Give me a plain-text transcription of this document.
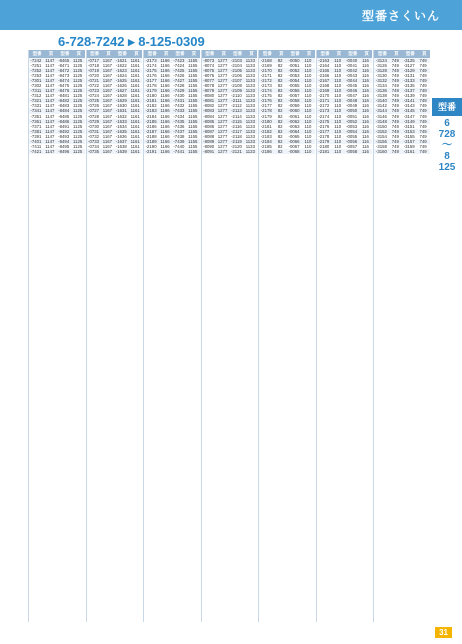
型番さくいん
6-728-7242 ▸ 8-125-0309
型番 頁 型番 頁
-7242 1147 -8465 1125
-7251 1147 -8471 1125
-7252 1147 -8472 1125
-7253 1147 -8473 1125
-7301 1147 -8474 1125
-7302 1147 -8475 1125
-7311 1147 -8476 1125
-7312 1147 -8481 1125
-7321 1147 -8482 1125
-7331 1147 -8483 1125
-7341 1147 -8484 1125
-7351 1147 -8485 1125
-7361 1147 -8486 1125
-7371 1147 -8491 1125
-7381 1147 -8492 1125
-7391 1147 -8493 1125
-7401 1147 -8494 1125
-7411 1147 -8495 1125
-7421 1147 -8496 1125
型番 頁 型番 頁
-0717 1167 -1621 1161
-0718 1167 -1622 1161
-0719 1167 -1623 1161
-0720 1167 -1624 1161
-0721 1167 -1625 1161
-0722 1167 -1626 1161
-0723 1167 -1627 1161
-0724 1167 -1628 1161
-0725 1167 -1629 1161
-0726 1167 -1630 1161
-0727 1167 -1631 1161
-0728 1167 -1632 1161
-0729 1167 -1633 1161
-0730 1167 -1634 1161
-0731 1167 -1635 1161
-0732 1167 -1636 1161
-0733 1167 -1637 1161
-0734 1167 -1638 1161
-0735 1167 -1639 1161
型番 頁 型番 頁
-2173 1166 -7423 1155
-2174 1166 -7424 1155
-2175 1166 -7425 1155
-2176 1166 -7426 1155
-2177 1166 -7427 1155
-2178 1166 -7428 1155
-2179 1166 -7429 1155
-2180 1166 -7430 1155
-2181 1166 -7431 1155
-2182 1166 -7432 1155
-2183 1166 -7433 1155
-2184 1166 -7434 1155
-2185 1166 -7435 1155
-2186 1166 -7436 1155
-2187 1166 -7437 1155
-2188 1166 -7438 1155
-2189 1166 -7439 1155
-2190 1166 -7440 1155
-2191 1166 -7441 1155
型番 頁 型番 頁
-8073 1277 -2103 1133
-8074 1277 -2104 1133
-8075 1277 -2105 1133
-8076 1277 -2106 1133
-8077 1277 -2107 1133
-8078 1277 -2108 1133
-8079 1277 -2109 1133
-8080 1277 -2110 1133
-8081 1277 -2111 1133
-8082 1277 -2112 1133
-8083 1277 -2113 1133
-8084 1277 -2114 1133
-8085 1277 -2115 1133
-8086 1277 -2116 1133
-8087 1277 -2117 1133
-8088 1277 -2118 1133
-8089 1277 -2119 1133
-8090 1277 -2120 1133
-8091 1277 -2121 1133
型番 頁 型番 頁
-2168	82	-0050	110
-2169	82	-0051	110
-2170	82	-0052	110
-2171	82	-0053	110
-2172	82	-0054	110
-2173	82	-0055	110
-2174	82	-0056	110
-2175	82	-0057	110
-2176	82	-0058	110
-2177	82	-0059	110
-2178	82	-0060	110
-2179	82	-0061	110
-2180	82	-0062	110
-2181	82	-0063	110
-2182	82	-0064	110
-2183	82	-0065	110
-2184	82	-0066	110
-2185	82	-0067	110
-2186	82	-0068	110
型番 頁 型番 頁
-2163	110	-0040	116
-2164	110	-0041	116
-2165	110	-0042	116
-2166	110	-0043	116
-2167	110	-0044	116
-2168	110	-0045	116
-2169	110	-0046	116
-2170	110	-0047	116
-2171	110	-0048	116
-2172	110	-0049	116
-2173	110	-0050	116
-2174	110	-0051	116
-2175	110	-0052	116
-2176	110	-0053	116
-2177	110	-0054	116
-2178	110	-0055	116
-2179	110	-0056	116
-2180	110	-0057	116
-2181	110	-0058	116
型番 頁 型番 頁
-3124	749	-3125	749
-3126	749	-3127	749
-3128	749	-3129	749
-3130	749	-3131	749
-3132	749	-3133	749
-3134	749	-3135	749
-3136	749	-3137	749
-3138	749	-3139	749
-3140	749	-3141	749
-3142	749	-3143	749
-3144	749	-3145	749
-3146	749	-3147	749
-3148	749	-3149	749
-3150	749	-3151	749
-3152	749	-3153	749
-3154	749	-3155	749
-3156	749	-3157	749
-3158	749	-3159	749
-3160	749	-3161	749
型番
6
728
〜
8
125
31
